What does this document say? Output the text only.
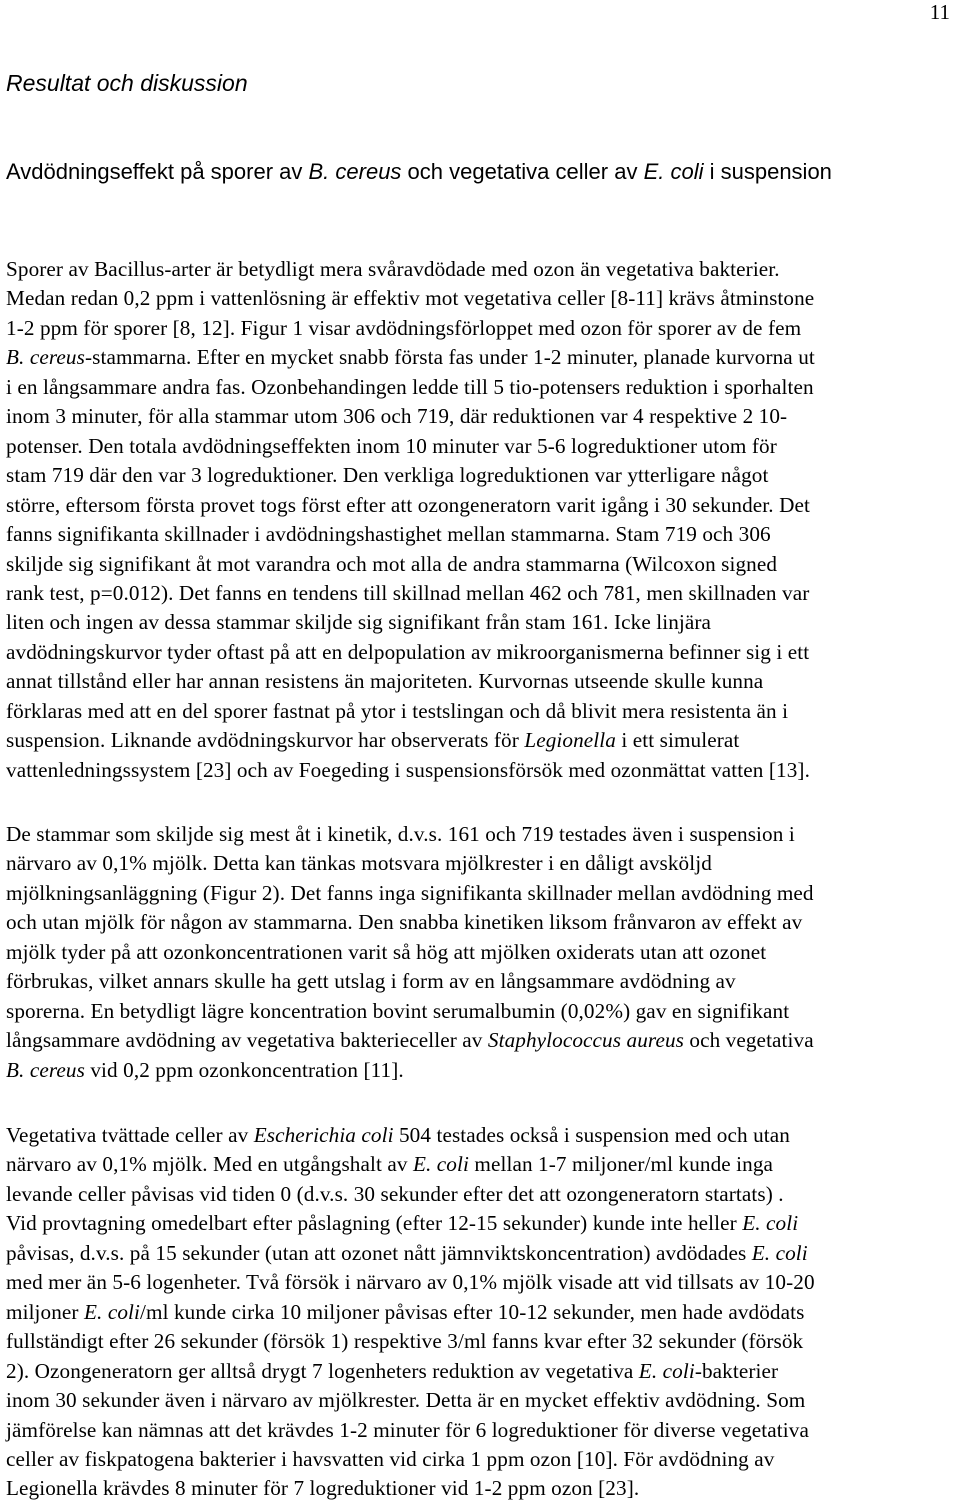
11
Resultat och diskussion
Avdödningseffekt på sporer av B. cereus och vegetativa celler av E. coli i suspension

Sporer av Bacillus-arter är betydligt mera svåravdödade med ozon än vegetativa bakterier.
Medan redan 0,2 ppm i vattenlösning är effektiv mot vegetativa celler [8-11] krävs åtminstone
1-2 ppm för sporer [8, 12]. Figur 1 visar avdödningsförloppet med ozon för sporer av de fem
B. cereus-stammarna. Efter en mycket snabb första fas under 1-2 minuter, planade kurvorna ut
i en långsammare andra fas. Ozonbehandingen ledde till 5 tio-potensers reduktion i sporhalten
inom 3 minuter, för alla stammar utom 306 och 719, där reduktionen var 4 respektive 2 10-
potenser. Den totala avdödningseffekten inom 10 minuter var 5-6 logreduktioner utom för
stam 719 där den var 3 logreduktioner. Den verkliga logreduktionen var ytterligare något
större, eftersom första provet togs först efter att ozongeneratorn varit igång i 30 sekunder. Det
fanns signifikanta skillnader i avdödningshastighet mellan stammarna. Stam 719 och 306
skiljde sig signifikant åt mot varandra och mot alla de andra stammarna (Wilcoxon signed
rank test, p=0.012). Det fanns en tendens till skillnad mellan 462 och 781, men skillnaden var
liten och ingen av dessa stammar skiljde sig signifikant från stam 161. Icke linjära
avdödningskurvor tyder oftast på att en delpopulation av mikroorganismerna befinner sig i ett
annat tillstånd eller har annan resistens än majoriteten. Kurvornas utseende skulle kunna
förklaras med att en del sporer fastnat på ytor i testslingan och då blivit mera resistenta än i
suspension. Liknande avdödningskurvor har observerats för Legionella i ett simulerat
vattenledningssystem [23] och av Foegeding i suspensionsförsök med ozonmättat vatten [13].

De stammar som skiljde sig mest åt i kinetik, d.v.s. 161 och 719 testades även i suspension i
närvaro av 0,1% mjölk. Detta kan tänkas motsvara mjölkrester i en dåligt avsköljd
mjölkningsanläggning (Figur 2). Det fanns inga signifikanta skillnader mellan avdödning med
och utan mjölk för någon av stammarna. Den snabba kinetiken liksom frånvaron av effekt av
mjölk tyder på att ozonkoncentrationen varit så hög att mjölken oxiderats utan att ozonet
förbrukas, vilket annars skulle ha gett utslag i form av en långsammare avdödning av
sporerna. En betydligt lägre koncentration bovint serumalbumin (0,02%) gav en signifikant
långsammare avdödning av vegetativa bakterieceller av Staphylococcus aureus och vegetativa
B. cereus vid 0,2 ppm ozonkoncentration [11].

Vegetativa tvättade celler av Escherichia coli 504 testades också i suspension med och utan
närvaro av 0,1% mjölk. Med en utgångshalt av E. coli mellan 1-7 miljoner/ml kunde inga
levande celler påvisas vid tiden 0 (d.v.s. 30 sekunder efter det att ozongeneratorn startats) .
Vid provtagning omedelbart efter påslagning (efter 12-15 sekunder) kunde inte heller E. coli
påvisas, d.v.s. på 15 sekunder (utan att ozonet nått jämnviktskoncentration) avdödades E. coli
med mer än 5-6 logenheter. Två försök i närvaro av 0,1% mjölk visade att vid tillsats av 10-20
miljoner E. coli/ml kunde cirka 10 miljoner påvisas efter 10-12 sekunder, men hade avdödats
fullständigt efter 26 sekunder (försök 1) respektive 3/ml fanns kvar efter 32 sekunder (försök
2). Ozongeneratorn ger alltså drygt 7 logenheters reduktion av vegetativa E. coli-bakterier
inom 30 sekunder även i närvaro av mjölkrester. Detta är en mycket effektiv avdödning. Som
jämförelse kan nämnas att det krävdes 1-2 minuter för 6 logreduktioner för diverse vegetativa
celler av fiskpatogena bakterier i havsvatten vid cirka 1 ppm ozon [10]. För avdödning av
Legionella krävdes 8 minuter för 7 logreduktioner vid 1-2 ppm ozon [23].
